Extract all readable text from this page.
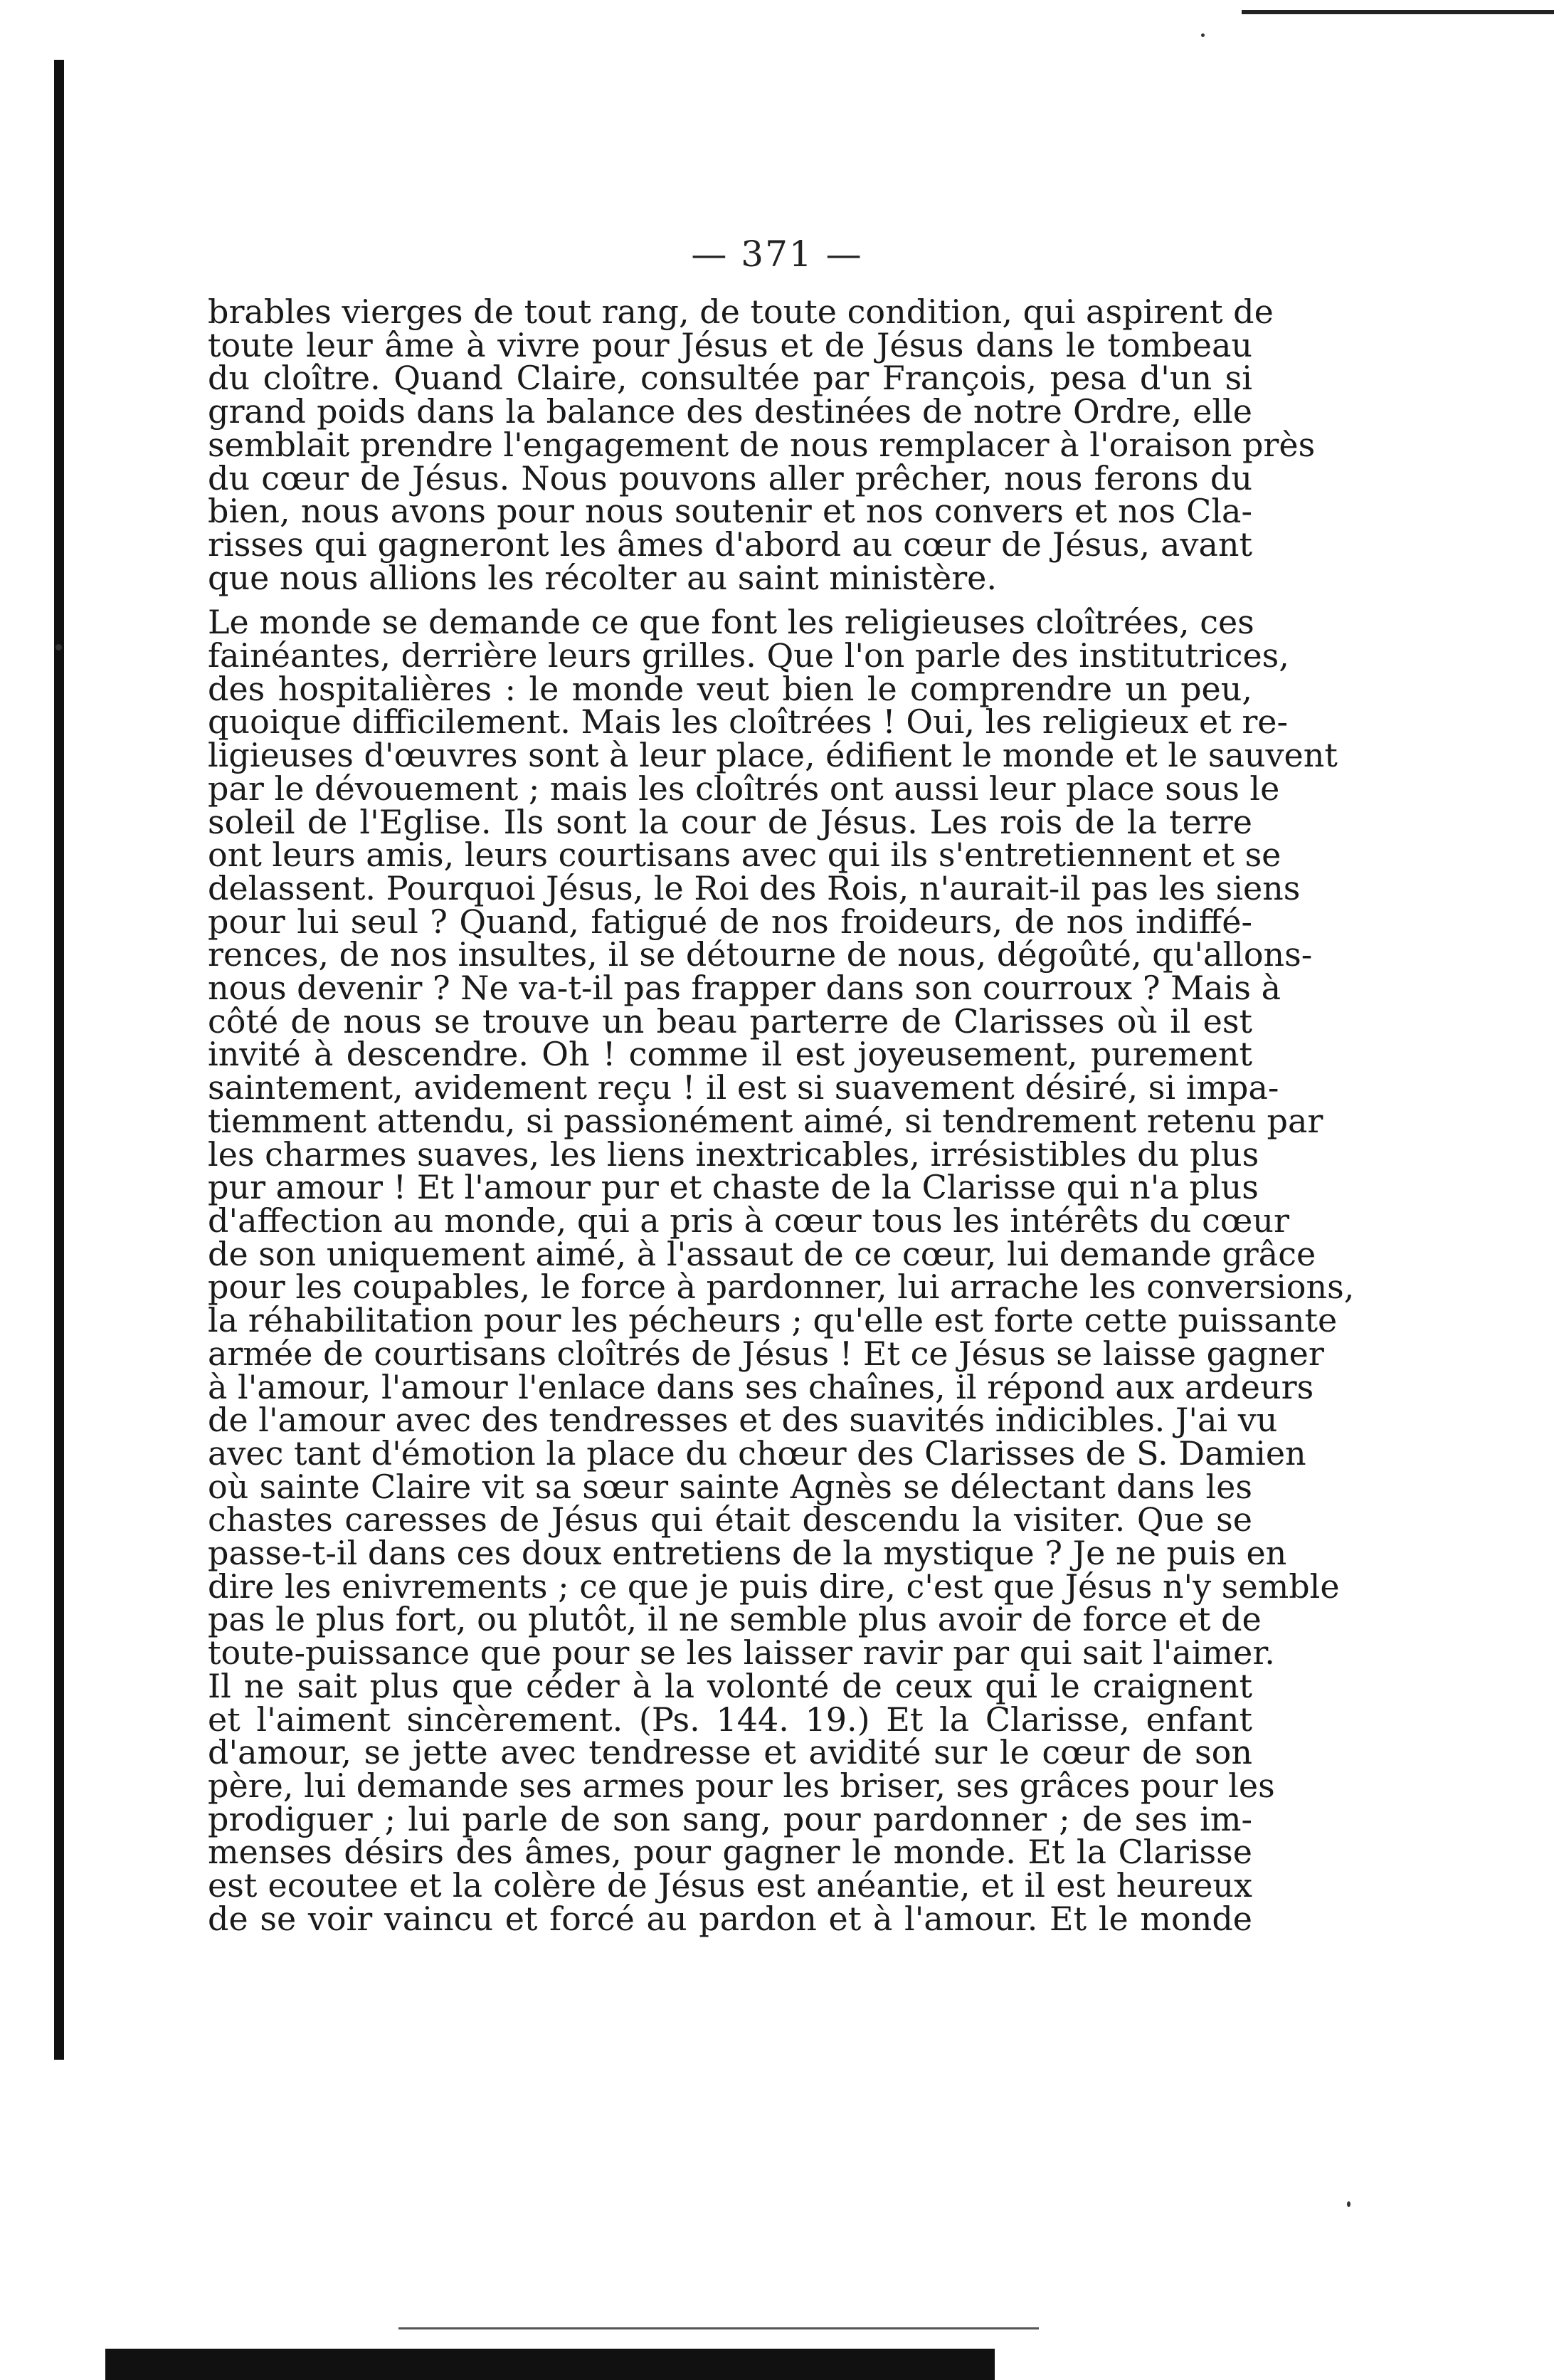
— 371 —
brables vierges de tout rang, de toute condition, qui aspirent de
toute leur âme à vivre pour Jésus et de Jésus dans le tombeau
du cloître. Quand Claire, consultée par François, pesa d'un si
grand poids dans la balance des destinées de notre Ordre, elle
semblait prendre l'engagement de nous remplacer à l'oraison près
du cœur de Jésus. Nous pouvons aller prêcher, nous ferons du
bien, nous avons pour nous soutenir et nos convers et nos Cla-
risses qui gagneront les âmes d'abord au cœur de Jésus, avant
que nous allions les récolter au saint ministère.
Le monde se demande ce que font les religieuses cloîtrées, ces
fainéantes, derrière leurs grilles. Que l'on parle des institutrices,
des hospitalières : le monde veut bien le comprendre un peu,
quoique difficilement. Mais les cloîtrées ! Oui, les religieux et re-
ligieuses d'œuvres sont à leur place, édifient le monde et le sauvent
par le dévouement ; mais les cloîtrés ont aussi leur place sous le
soleil de l'Eglise. Ils sont la cour de Jésus. Les rois de la terre
ont leurs amis, leurs courtisans avec qui ils s'entretiennent et se
delassent. Pourquoi Jésus, le Roi des Rois, n'aurait-il pas les siens
pour lui seul ? Quand, fatigué de nos froideurs, de nos indiffé-
rences, de nos insultes, il se détourne de nous, dégoûté, qu'allons-
nous devenir ? Ne va-t-il pas frapper dans son courroux ? Mais à
côté de nous se trouve un beau parterre de Clarisses où il est
invité à descendre. Oh ! comme il est joyeusement, purement
saintement, avidement reçu ! il est si suavement désiré, si impa-
tiemment attendu, si passionément aimé, si tendrement retenu par
les charmes suaves, les liens inextricables, irrésistibles du plus
pur amour ! Et l'amour pur et chaste de la Clarisse qui n'a plus
d'affection au monde, qui a pris à cœur tous les intérêts du cœur
de son uniquement aimé, à l'assaut de ce cœur, lui demande grâce
pour les coupables, le force à pardonner, lui arrache les conversions,
la réhabilitation pour les pécheurs ; qu'elle est forte cette puissante
armée de courtisans cloîtrés de Jésus ! Et ce Jésus se laisse gagner
à l'amour, l'amour l'enlace dans ses chaînes, il répond aux ardeurs
de l'amour avec des tendresses et des suavités indicibles. J'ai vu
avec tant d'émotion la place du chœur des Clarisses de S. Damien
où sainte Claire vit sa sœur sainte Agnès se délectant dans les
chastes caresses de Jésus qui était descendu la visiter. Que se
passe-t-il dans ces doux entretiens de la mystique ? Je ne puis en
dire les enivrements ; ce que je puis dire, c'est que Jésus n'y semble
pas le plus fort, ou plutôt, il ne semble plus avoir de force et de
toute-puissance que pour se les laisser ravir par qui sait l'aimer.
Il ne sait plus que céder à la volonté de ceux qui le craignent
et l'aiment sincèrement. (Ps. 144. 19.) Et la Clarisse, enfant
d'amour, se jette avec tendresse et avidité sur le cœur de son
père, lui demande ses armes pour les briser, ses grâces pour les
prodiguer ; lui parle de son sang, pour pardonner ; de ses im-
menses désirs des âmes, pour gagner le monde. Et la Clarisse
est ecoutee et la colère de Jésus est anéantie, et il est heureux
de se voir vaincu et forcé au pardon et à l'amour. Et le monde
